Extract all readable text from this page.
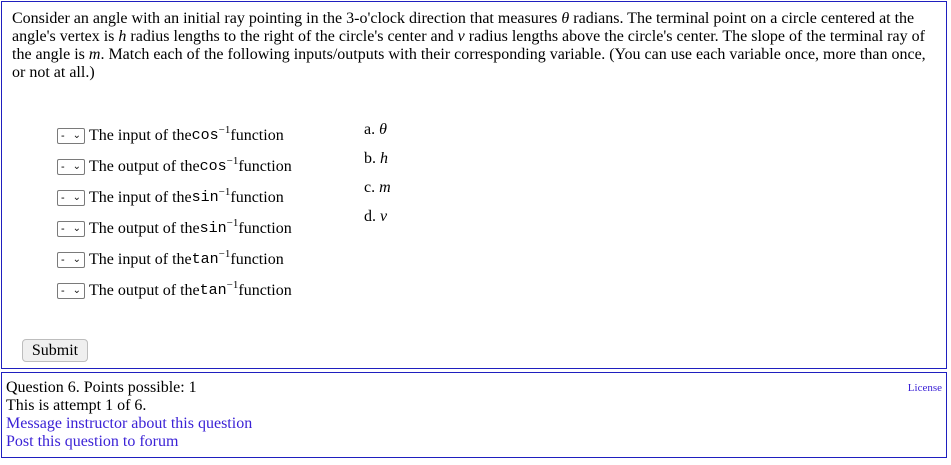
Consider an angle with an initial ray pointing in the 3-o'clock direction that measures θ radians. The terminal point on a circle centered at the angle's vertex is h radius lengths to the right of the circle's center and v radius lengths above the circle's center. The slope of the terminal ray of the angle is m. Match each of the following inputs/outputs with their corresponding variable. (You can use each variable once, more than once, or not at all.)
- ⌄ The input of the cos −1 function
- ⌄ The output of the cos −1 function
- ⌄ The input of the sin −1 function
- ⌄ The output of the sin −1 function
- ⌄ The input of the tan −1 function
- ⌄ The output of the tan −1 function
a. θ
b. h
c. m
d. v
Submit
Question 6. Points possible: 1
This is attempt 1 of 6.
Message instructor about this question
Post this question to forum
License
